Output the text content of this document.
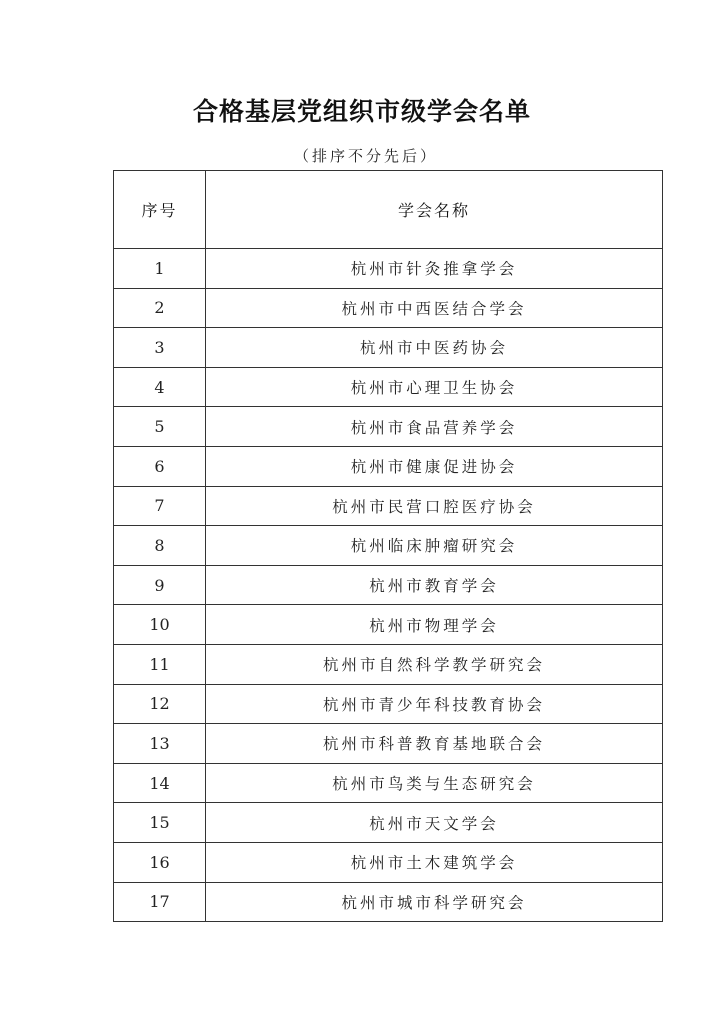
合格基层党组织市级学会名单
（排序不分先后）
序号	学会名称
1	杭州市针灸推拿学会
2	杭州市中西医结合学会
3	杭州市中医药协会
4	杭州市心理卫生协会
5	杭州市食品营养学会
6	杭州市健康促进协会
7	杭州市民营口腔医疗协会
8	杭州临床肿瘤研究会
9	杭州市教育学会
10	杭州市物理学会
11	杭州市自然科学教学研究会
12	杭州市青少年科技教育协会
13	杭州市科普教育基地联合会
14	杭州市鸟类与生态研究会
15	杭州市天文学会
16	杭州市土木建筑学会
17	杭州市城市科学研究会
